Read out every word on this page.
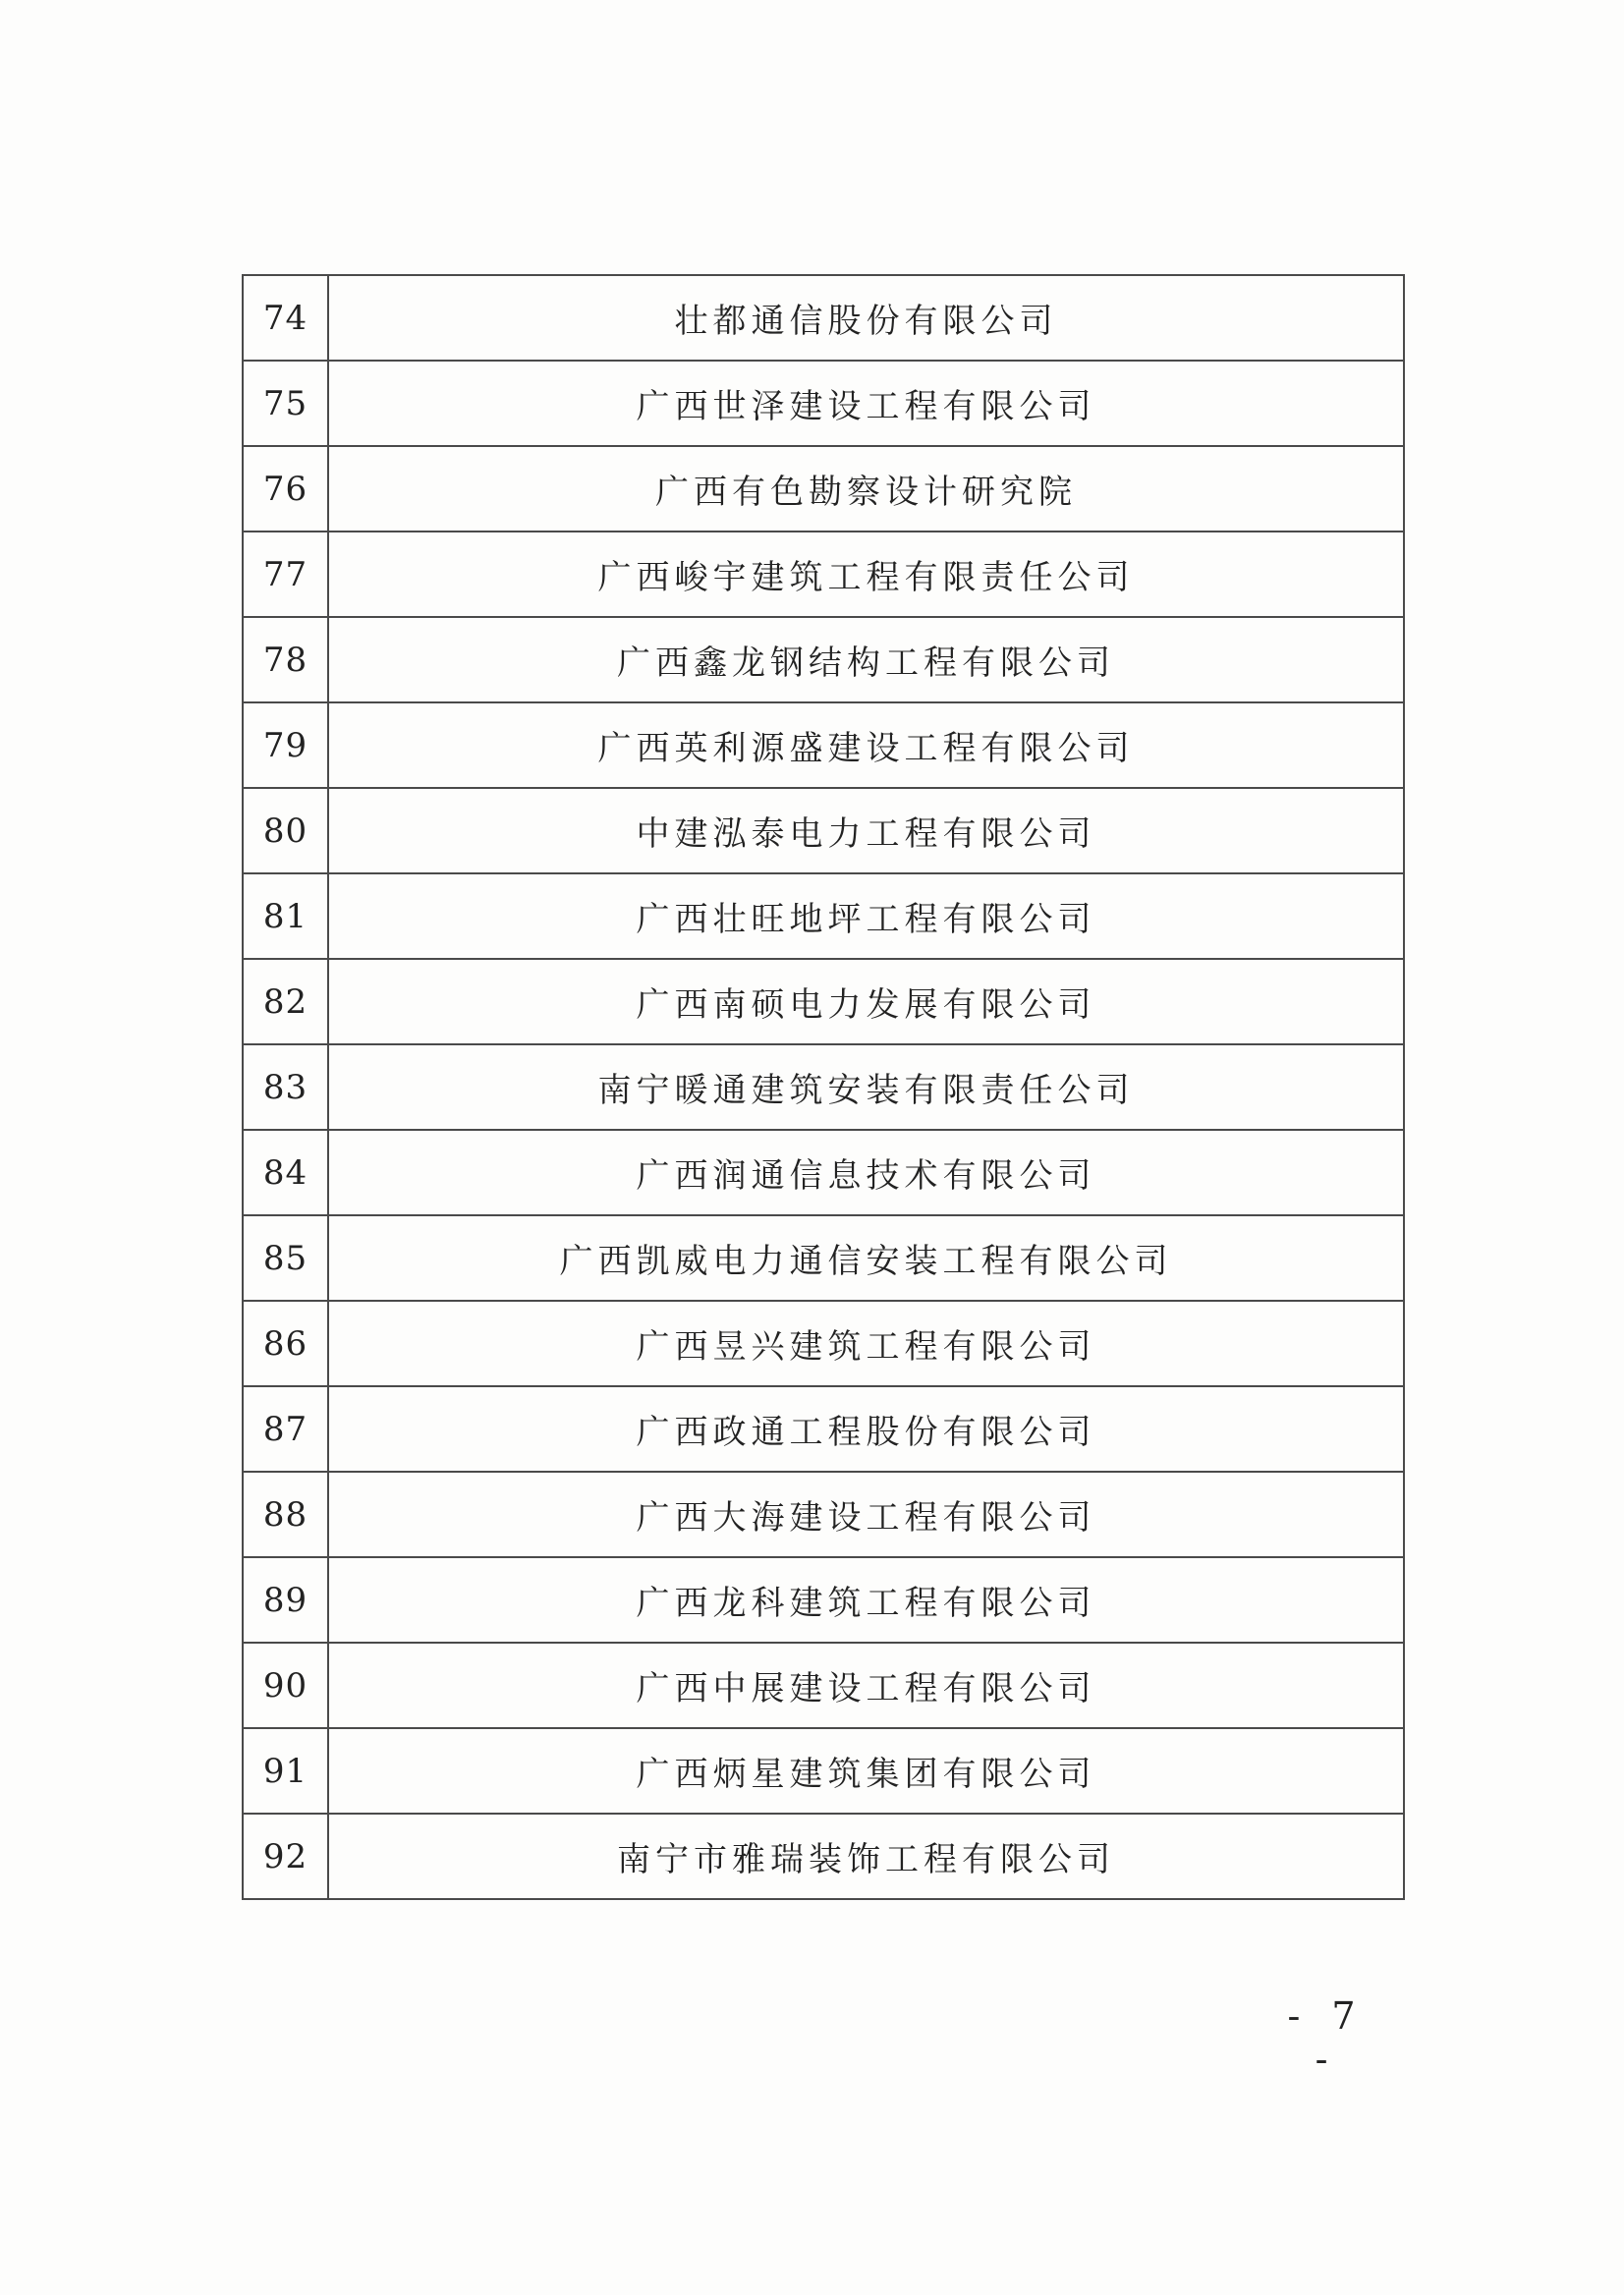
74	壮都通信股份有限公司
75	广西世泽建设工程有限公司
76	广西有色勘察设计研究院
77	广西峻宇建筑工程有限责任公司
78	广西鑫龙钢结构工程有限公司
79	广西英利源盛建设工程有限公司
80	中建泓泰电力工程有限公司
81	广西壮旺地坪工程有限公司
82	广西南硕电力发展有限公司
83	南宁暖通建筑安装有限责任公司
84	广西润通信息技术有限公司
85	广西凯威电力通信安装工程有限公司
86	广西昱兴建筑工程有限公司
87	广西政通工程股份有限公司
88	广西大海建设工程有限公司
89	广西龙科建筑工程有限公司
90	广西中展建设工程有限公司
91	广西炳星建筑集团有限公司
92	南宁市雅瑞装饰工程有限公司
- 7 -
